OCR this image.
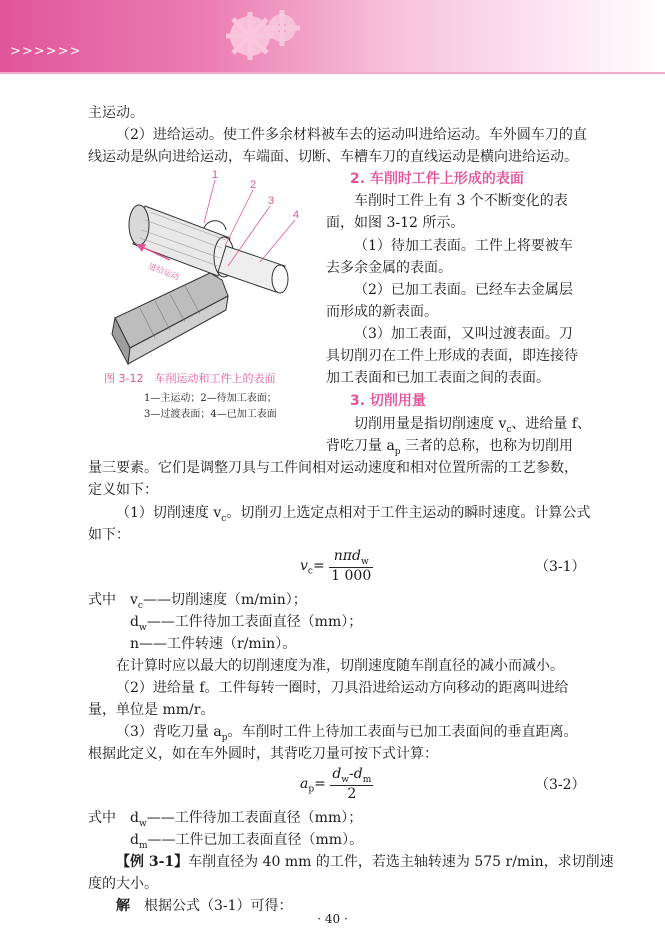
>>>>>>
主运动。
（2）进给运动。使工件多余材料被车去的运动叫进给运动。车外圆车刀的直
线运动是纵向进给运动，车端面、切断、车槽车刀的直线运动是横向进给运动。
1
2
3
4
进给运动
图 3-12　车削运动和工件上的表面
1—主运动；2—待加工表面；
3—过渡表面；4—已加工表面
2. 车削时工件上形成的表面
车削时工件上有 3 个不断变化的表
面，如图 3-12 所示。
（1）待加工表面。工件上将要被车
去多余金属的表面。
（2）已加工表面。已经车去金属层
而形成的新表面。
（3）加工表面，又叫过渡表面。刀
具切削刃在工件上形成的表面，即连接待
加工表面和已加工表面之间的表面。
3. 切削用量
切削用量是指切削速度 $v_c$、进给量 f、
背吃刀量 $a_p$ 三者的总称，也称为切削用
量三要素。它们是调整刀具与工件间相对运动速度和相对位置所需的工艺参数，
定义如下：
（1）切削速度 $v_c$。切削刃上选定点相对于工件主运动的瞬时速度。计算公式
如下：
$v_c= \frac{n\pi d_w}{1 000}$	（3-1）
式中　$v_c——$切削速度（m/min）；
$d_w——$工件待加工表面直径（mm）；
n——工件转速（r/min）。
在计算时应以最大的切削速度为准，切削速度随车削直径的减小而减小。
（2）进给量 f。工件每转一圈时，刀具沿进给运动方向移动的距离叫进给
量，单位是 mm/r。
（3）背吃刀量 $a_p$。车削时工件上待加工表面与已加工表面间的垂直距离。
根据此定义，如在车外圆时，其背吃刀量可按下式计算：
$a_p= \frac{d_w-d_m}{2}$	（3-2）
式中　$d_w——$工件待加工表面直径（mm）；
$d_m——$工件已加工表面直径（mm）。
【例 3-1】车削直径为 40 mm 的工件，若选主轴转速为 575 r/min，求切削速
度的大小。
解　根据公式（3-1）可得：
· 40 ·
